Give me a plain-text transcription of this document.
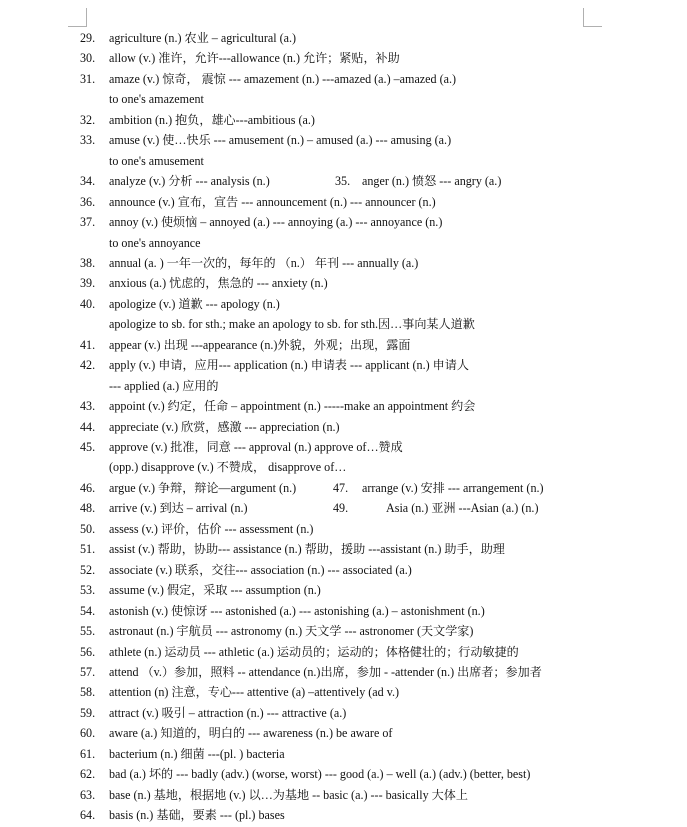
29.	agriculture (n.) 农业 – agricultural (a.)
30.	allow (v.) 准许，允许---allowance (n.) 允许；紧贴，补助
31.	amaze (v.) 惊奇， 震惊 --- amazement (n.) ---amazed (a.) –amazed (a.)
to one's amazement
32.	ambition (n.) 抱负，雄心---ambitious (a.)
33.	amuse (v.) 使…快乐 --- amusement (n.) – amused (a.) --- amusing (a.)
to one's amusement
34.	analyze (v.) 分析 --- analysis (n.)	35. anger (n.) 愤怒 --- angry (a.)
36.	announce (v.) 宣布，宣告 --- announcement (n.) --- announcer (n.)
37.	annoy (v.) 使烦恼 – annoyed (a.) --- annoying (a.) --- annoyance (n.)
to one's annoyance
38.	annual (a. ) 一年一次的，每年的 （n.） 年刊 --- annually (a.)
39.	anxious (a.) 忧虑的，焦急的 --- anxiety (n.)
40.	apologize (v.) 道歉 --- apology (n.)
apologize to sb. for sth.; make an apology to sb. for sth.因…事向某人道歉
41.	appear (v.) 出现 ---appearance (n.)外貌，外观；出现，露面
42.	apply (v.) 申请，应用--- application (n.) 申请表 --- applicant (n.) 申请人
--- applied (a.) 应用的
43.	appoint (v.) 约定，任命 – appointment (n.) -----make an appointment 约会
44.	appreciate (v.) 欣赏，感激 --- appreciation (n.)
45.	approve (v.) 批准，同意 --- approval (n.) approve of…赞成
(opp.) disapprove (v.) 不赞成， disapprove of…
46.	argue (v.) 争辩，辩论—argument (n.)	47.	arrange (v.) 安排 --- arrangement (n.)
48.	arrive (v.) 到达 – arrival (n.)	49.	Asia (n.) 亚洲 ---Asian (a.) (n.)
50.	assess (v.) 评价，估价 --- assessment (n.)
51.	assist (v.) 帮助，协助--- assistance (n.) 帮助，援助 ---assistant (n.) 助手，助理
52.	associate (v.) 联系，交往--- association (n.) --- associated (a.)
53.	assume (v.) 假定，采取 --- assumption (n.)
54.	astonish (v.) 使惊讶 --- astonished (a.) --- astonishing (a.) – astonishment (n.)
55.	astronaut (n.) 宇航员 --- astronomy (n.) 天文学 --- astronomer (天文学家)
56.	athlete (n.) 运动员 --- athletic (a.) 运动员的；运动的；体格健壮的；行动敏捷的
57.	attend （v.）参加，照料 -- attendance (n.)出席，参加 - -attender (n.) 出席者；参加者
58.	attention (n) 注意，专心--- attentive (a) –attentively (ad v.)
59.	attract (v.) 吸引 – attraction (n.) --- attractive (a.)
60.	aware (a.) 知道的，明白的 --- awareness (n.) be aware of
61.	bacterium (n.) 细菌 ---(pl. ) bacteria
62.	bad (a.) 坏的 --- badly (adv.) (worse, worst) --- good (a.) – well (a.) (adv.) (better, best)
63.	base (n.) 基地，根据地 (v.) 以…为基地 -- basic (a.) --- basically 大体上
64.	basis (n.) 基础，要素 --- (pl.) bases
